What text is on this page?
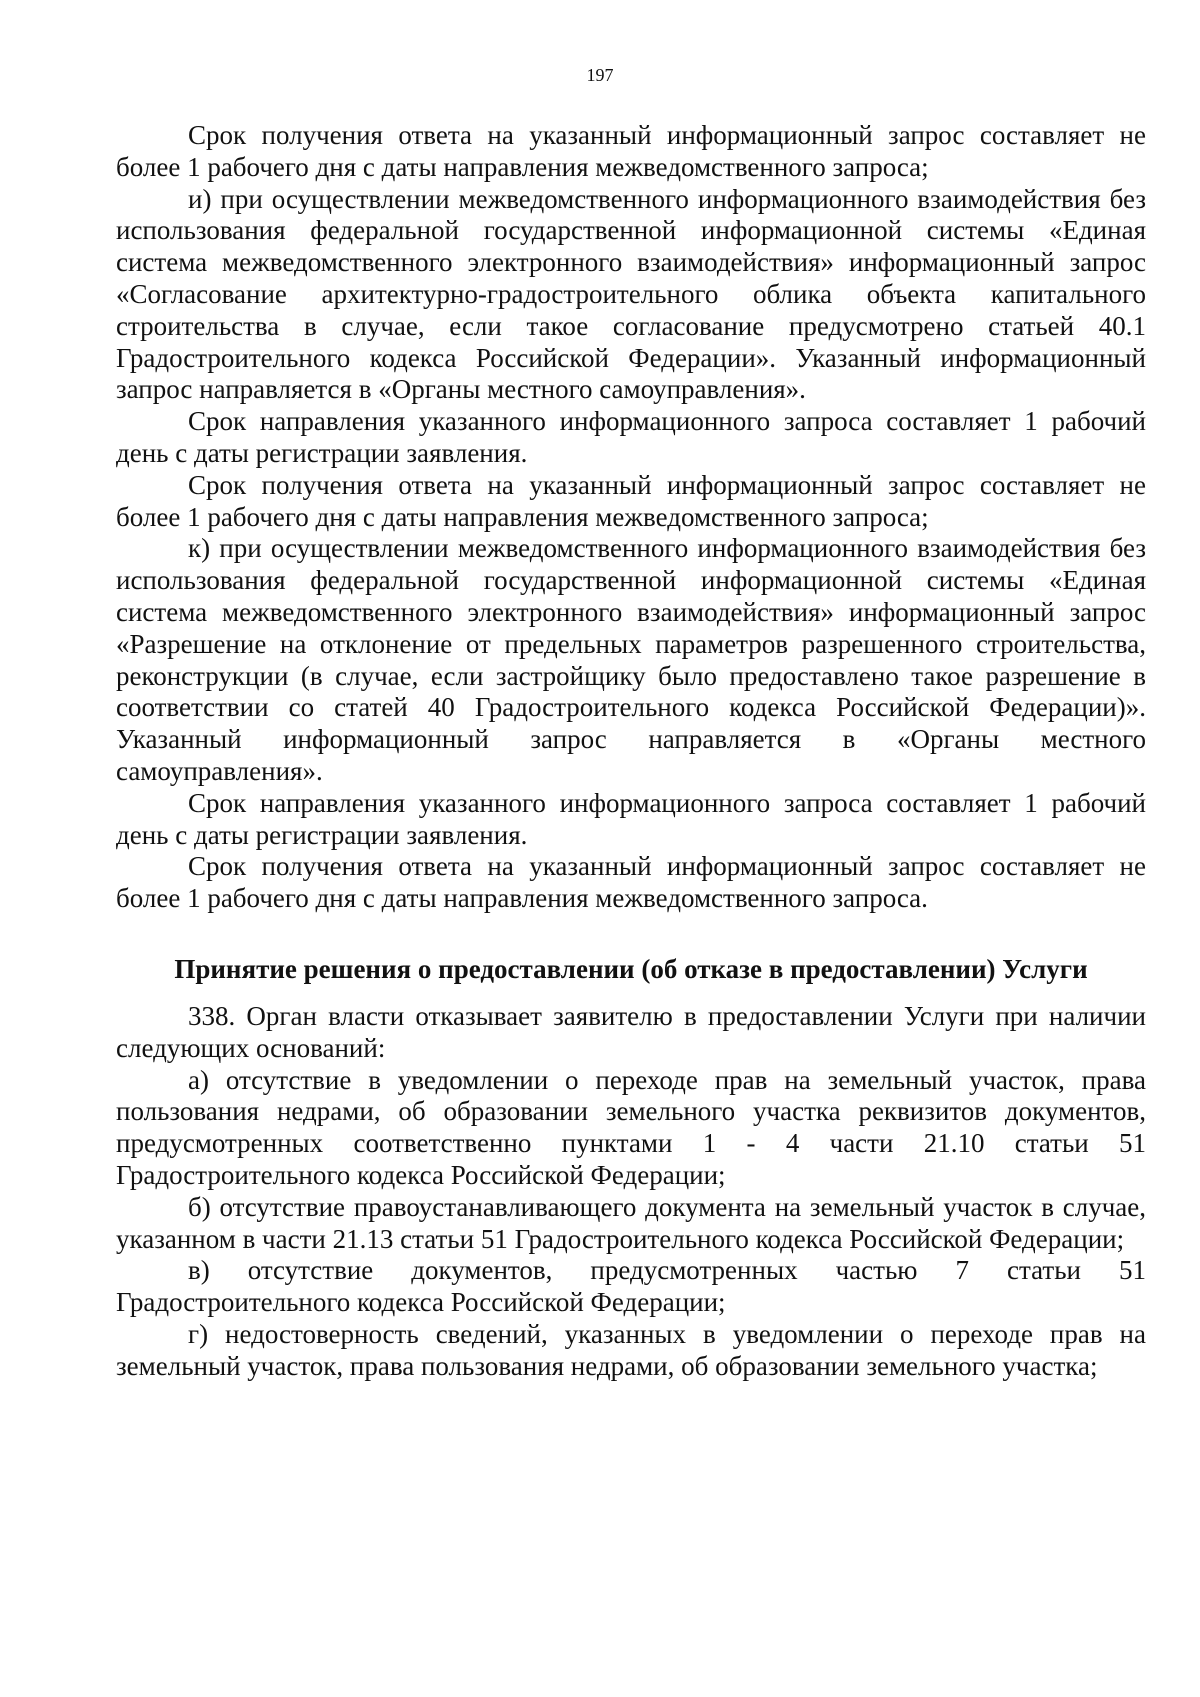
197

Срок получения ответа на указанный информационный запрос составляет не более 1 рабочего дня с даты направления межведомственного запроса;

и) при осуществлении межведомственного информационного взаимодействия без использования федеральной государственной информационной системы «Единая система межведомственного электронного взаимодействия» информационный запрос «Согласование архитектурно-градостроительного облика объекта капитального строительства в случае, если такое согласование предусмотрено статьей 40.1 Градостроительного кодекса Российской Федерации». Указанный информационный запрос направляется в «Органы местного самоуправления».

Срок направления указанного информационного запроса составляет 1 рабочий день с даты регистрации заявления.

Срок получения ответа на указанный информационный запрос составляет не более 1 рабочего дня с даты направления межведомственного запроса;

к) при осуществлении межведомственного информационного взаимодействия без использования федеральной государственной информационной системы «Единая система межведомственного электронного взаимодействия» информационный запрос «Разрешение на отклонение от предельных параметров разрешенного строительства, реконструкции (в случае, если застройщику было предоставлено такое разрешение в соответствии со статей 40 Градостроительного кодекса Российской Федерации)». Указанный информационный запрос направляется в «Органы местного самоуправления».

Срок направления указанного информационного запроса составляет 1 рабочий день с даты регистрации заявления.

Срок получения ответа на указанный информационный запрос составляет не более 1 рабочего дня с даты направления межведомственного запроса.

Принятие решения о предоставлении (об отказе в предоставлении) Услуги

338. Орган власти отказывает заявителю в предоставлении Услуги при наличии следующих оснований:

а) отсутствие в уведомлении о переходе прав на земельный участок, права пользования недрами, об образовании земельного участка реквизитов документов, предусмотренных соответственно пунктами 1 - 4 части 21.10 статьи 51 Градостроительного кодекса Российской Федерации;

б) отсутствие правоустанавливающего документа на земельный участок в случае, указанном в части 21.13 статьи 51 Градостроительного кодекса Российской Федерации;

в) отсутствие документов, предусмотренных частью 7 статьи 51 Градостроительного кодекса Российской Федерации;

г) недостоверность сведений, указанных в уведомлении о переходе прав на земельный участок, права пользования недрами, об образовании земельного участка;
